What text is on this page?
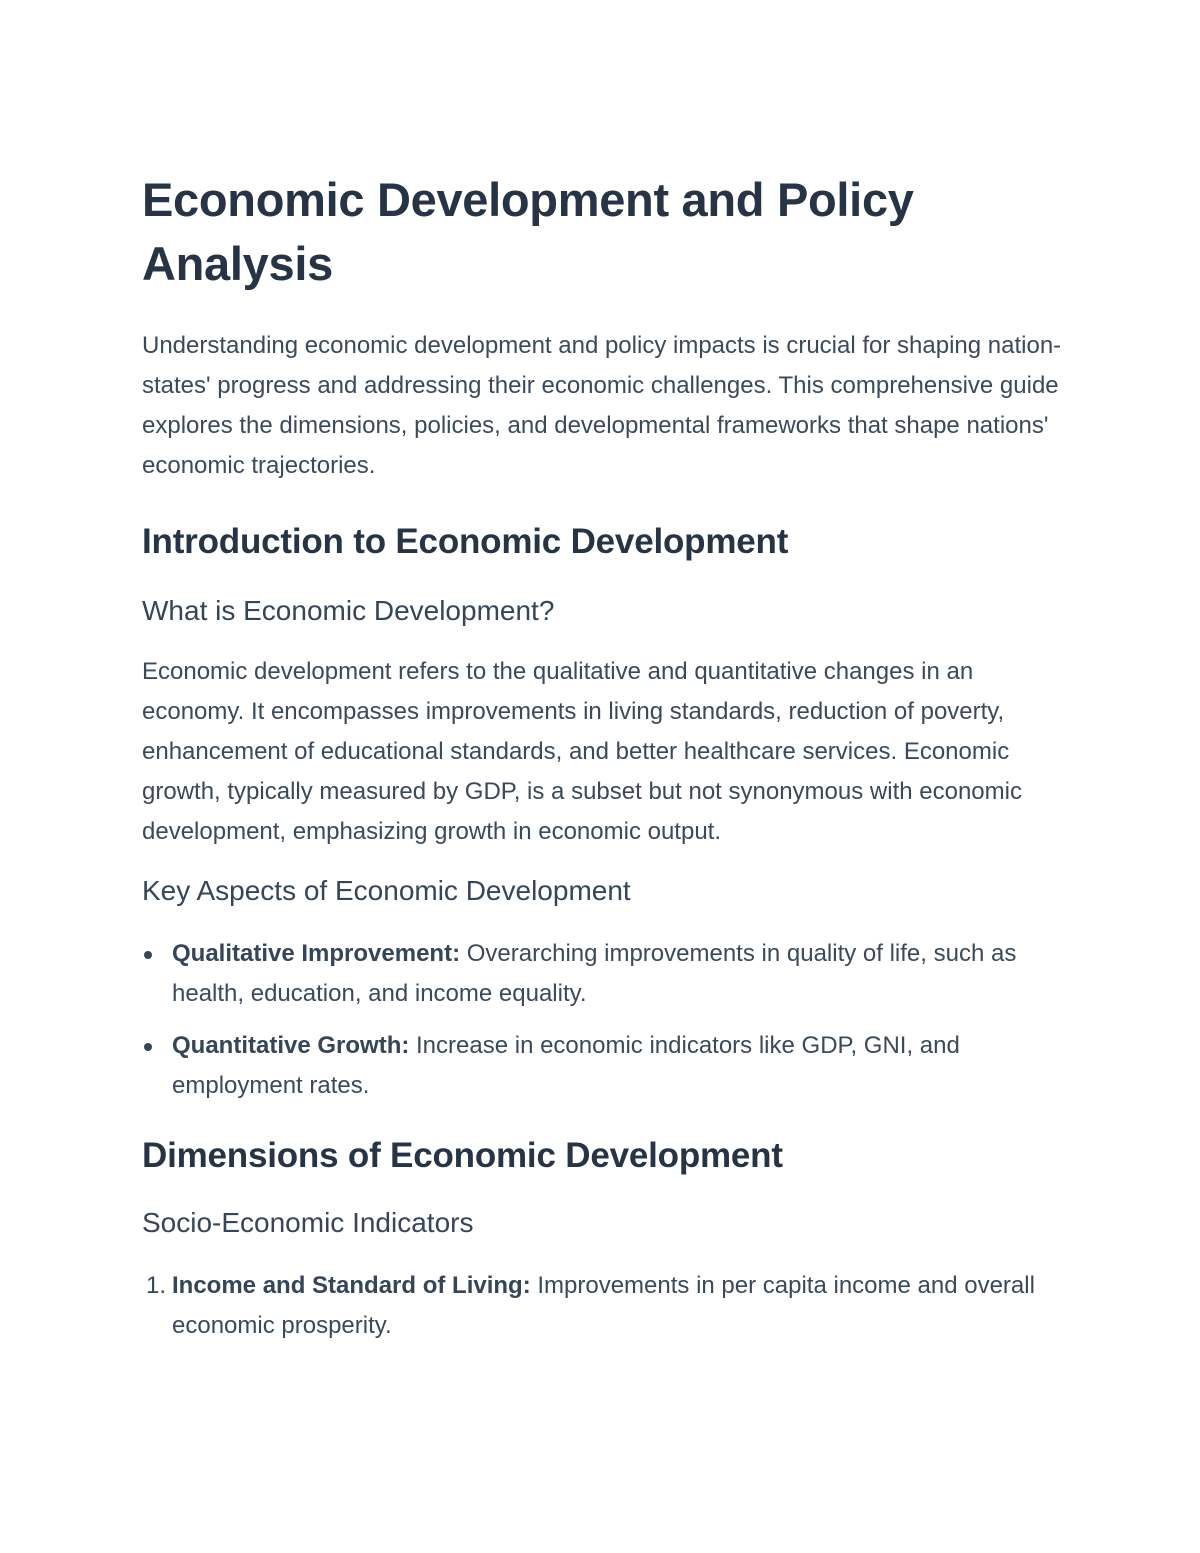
Economic Development and Policy Analysis

Understanding economic development and policy impacts is crucial for shaping nation-states' progress and addressing their economic challenges. This comprehensive guide explores the dimensions, policies, and developmental frameworks that shape nations' economic trajectories.

Introduction to Economic Development
What is Economic Development?

Economic development refers to the qualitative and quantitative changes in an economy. It encompasses improvements in living standards, reduction of poverty, enhancement of educational standards, and better healthcare services. Economic growth, typically measured by GDP, is a subset but not synonymous with economic development, emphasizing growth in economic output.

Key Aspects of Economic Development
Qualitative Improvement: Overarching improvements in quality of life, such as health, education, and income equality.
Quantitative Growth: Increase in economic indicators like GDP, GNI, and employment rates.
Dimensions of Economic Development
Socio-Economic Indicators
1. Income and Standard of Living: Improvements in per capita income and overall economic prosperity.
